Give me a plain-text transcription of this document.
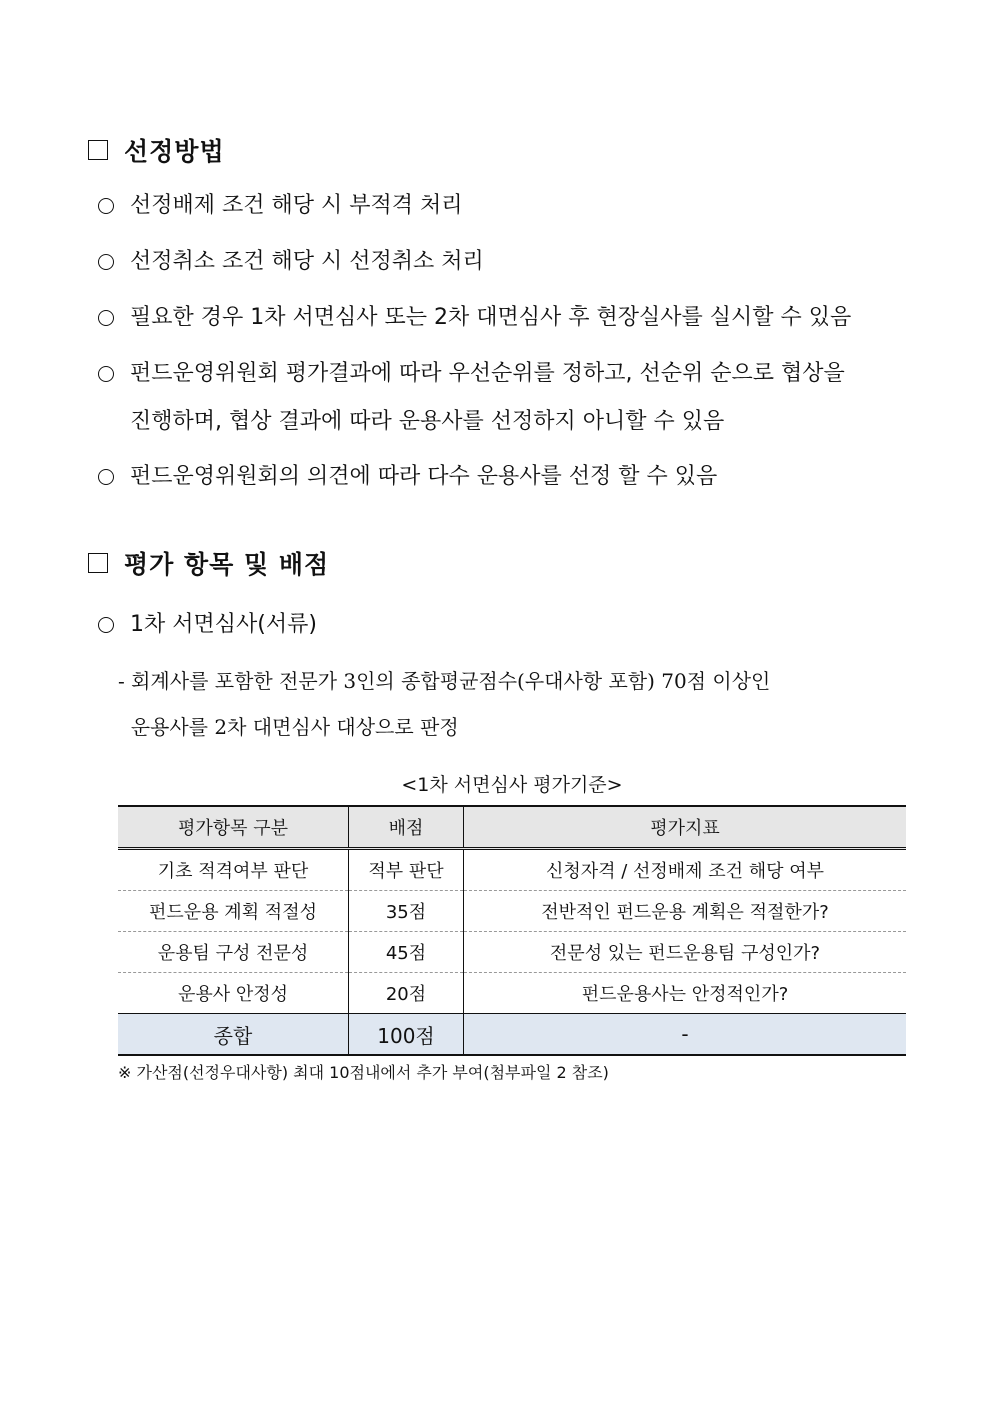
선정방법
선정배제 조건 해당 시 부적격 처리
선정취소 조건 해당 시 선정취소 처리
필요한 경우 1차 서면심사 또는 2차 대면심사 후 현장실사를 실시할 수 있음
펀드운영위원회 평가결과에 따라 우선순위를 정하고, 선순위 순으로 협상을
진행하며, 협상 결과에 따라 운용사를 선정하지 아니할 수 있음
펀드운영위원회의 의견에 따라 다수 운용사를 선정 할 수 있음
평가 항목 및 배점
1차 서면심사(서류)
- 회계사를 포함한 전문가 3인의 종합평균점수(우대사항 포함) 70점 이상인
운용사를 2차 대면심사 대상으로 판정
<1차 서면심사 평가기준>
평가항목 구분	배점	평가지표
기초 적격여부 판단	적부 판단	신청자격 / 선정배제 조건 해당 여부
펀드운용 계획 적절성	35점	전반적인 펀드운용 계획은 적절한가?
운용팀 구성 전문성	45점	전문성 있는 펀드운용팀 구성인가?
운용사 안정성	20점	펀드운용사는 안정적인가?
종합	100점	-
※ 가산점(선정우대사항) 최대 10점내에서 추가 부여(첨부파일 2 참조)
